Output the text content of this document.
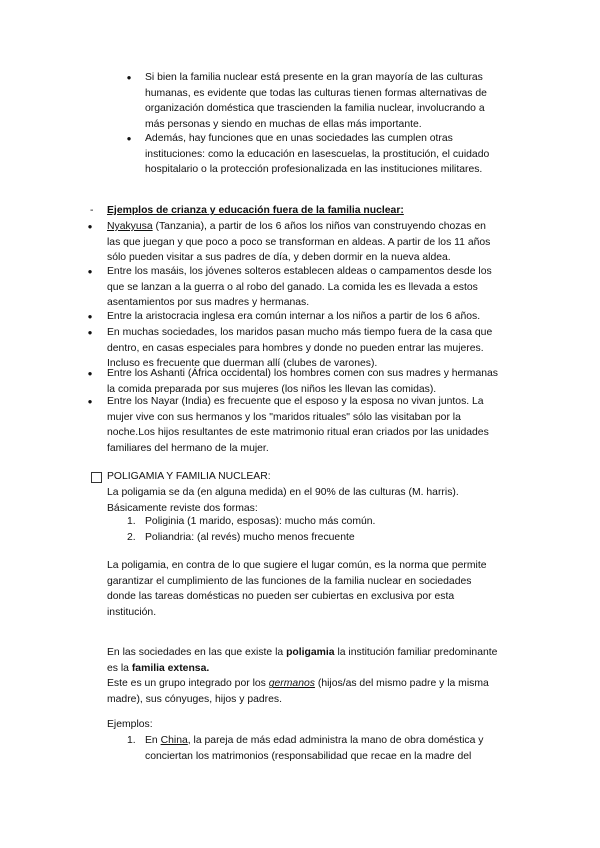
● Si bien la familia nuclear está presente en la gran mayoría de las culturas
humanas, es evidente que todas las culturas tienen formas alternativas de
organización doméstica que trascienden la familia nuclear, involucrando a
más personas y siendo en muchas de ellas más importante.
● Además, hay funciones que en unas sociedades las cumplen otras
instituciones: como la educación en lasescuelas, la prostitución, el cuidado
hospitalario o la protección profesionalizada en las instituciones militares.
- Ejemplos de crianza y educación fuera de la familia nuclear:
● Nyakyusa (Tanzania), a partir de los 6 años los niños van construyendo chozas en
las que juegan y que poco a poco se transforman en aldeas. A partir de los 11 años
sólo pueden visitar a sus padres de día, y deben dormir en la nueva aldea.
● Entre los masáis, los jóvenes solteros establecen aldeas o campamentos desde los
que se lanzan a la guerra o al robo del ganado. La comida les es llevada a estos
asentamientos por sus madres y hermanas.
● Entre la aristocracia inglesa era común internar a los niños a partir de los 6 años.
● En muchas sociedades, los maridos pasan mucho más tiempo fuera de la casa que
dentro, en casas especiales para hombres y donde no pueden entrar las mujeres.
Incluso es frecuente que duerman allí (clubes de varones).
● Entre los Ashanti (África occidental) los hombres comen con sus madres y hermanas
la comida preparada por sus mujeres (los niños les llevan las comidas).
● Entre los Nayar (India) es frecuente que el esposo y la esposa no vivan juntos. La
mujer vive con sus hermanos y los "maridos rituales" sólo las visitaban por la
noche.Los hijos resultantes de este matrimonio ritual eran criados por las unidades
familiares del hermano de la mujer.
POLIGAMIA Y FAMILIA NUCLEAR:
La poligamia se da (en alguna medida) en el 90% de las culturas (M. harris).
Básicamente reviste dos formas:
1. Poliginia (1 marido, esposas): mucho más común.
2. Poliandria: (al revés) mucho menos frecuente
La poligamia, en contra de lo que sugiere el lugar común, es la norma que permite
garantizar el cumplimiento de las funciones de la familia nuclear en sociedades
donde las tareas domésticas no pueden ser cubiertas en exclusiva por esta
institución.
En las sociedades en las que existe la poligamia la institución familiar predominante
es la familia extensa.
Este es un grupo integrado por los germanos (hijos/as del mismo padre y la misma
madre), sus cónyuges, hijos y padres.
Ejemplos:
1. En China, la pareja de más edad administra la mano de obra doméstica y
conciertan los matrimonios (responsabilidad que recae en la madre del
